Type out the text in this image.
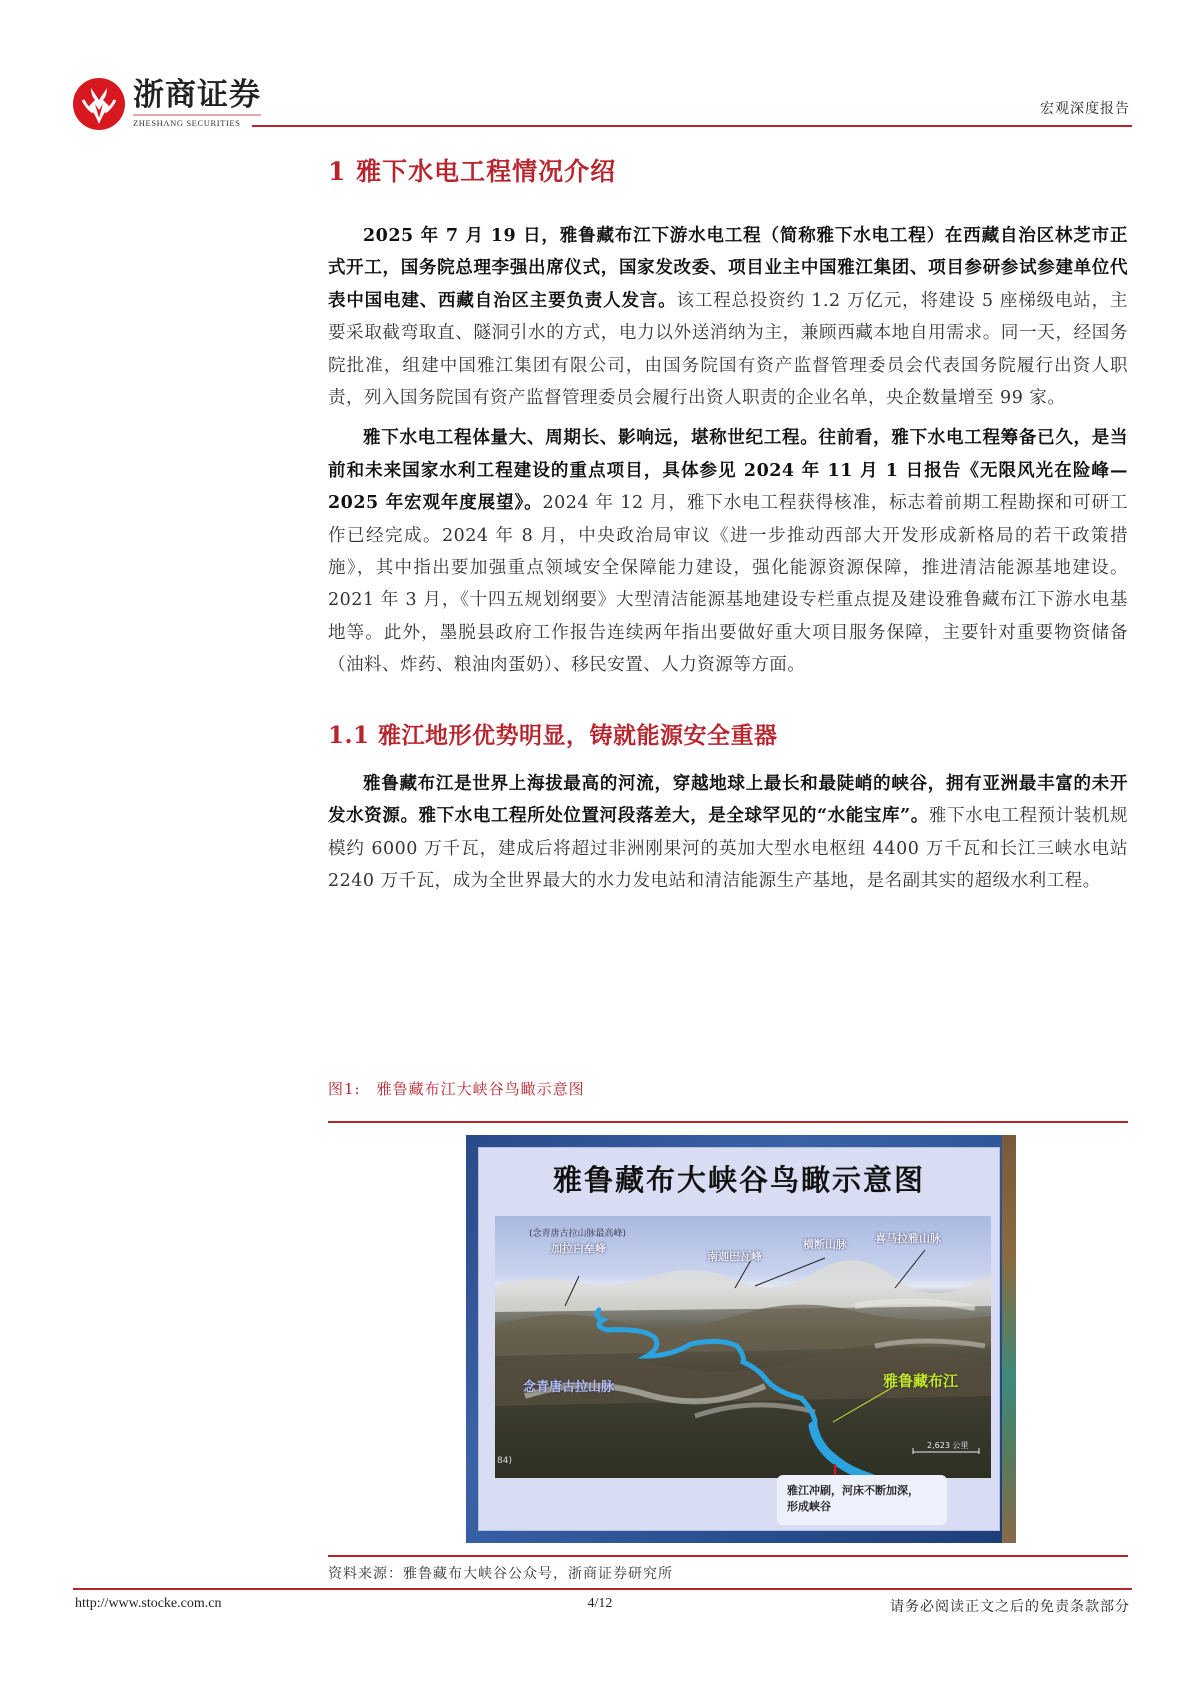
浙商证券
ZHESHANG SECURITIES
宏观深度报告
1 雅下水电工程情况介绍

2025 年 7 月 19 日，雅鲁藏布江下游水电工程（简称雅下水电工程）在西藏自治区林芝市正式开工，国务院总理李强出席仪式，国家发改委、项目业主中国雅江集团、项目参研参试参建单位代表中国电建、西藏自治区主要负责人发言。该工程总投资约 1.2 万亿元，将建设 5 座梯级电站，主要采取截弯取直、隧洞引水的方式，电力以外送消纳为主，兼顾西藏本地自用需求。同一天，经国务院批准，组建中国雅江集团有限公司，由国务院国有资产监督管理委员会代表国务院履行出资人职责，列入国务院国有资产监督管理委员会履行出资人职责的企业名单，央企数量增至 99 家。

雅下水电工程体量大、周期长、影响远，堪称世纪工程。往前看，雅下水电工程筹备已久，是当前和未来国家水利工程建设的重点项目，具体参见 2024 年 11 月 1 日报告《无限风光在险峰—2025 年宏观年度展望》。2024 年 12 月，雅下水电工程获得核准，标志着前期工程勘探和可研工作已经完成。2024 年 8 月，中央政治局审议《进一步推动西部大开发形成新格局的若干政策措施》，其中指出要加强重点领域安全保障能力建设，强化能源资源保障，推进清洁能源基地建设。2021 年 3 月，《十四五规划纲要》大型清洁能源基地建设专栏重点提及建设雅鲁藏布江下游水电基地等。此外，墨脱县政府工作报告连续两年指出要做好重大项目服务保障，主要针对重要物资储备（油料、炸药、粮油肉蛋奶）、移民安置、人力资源等方面。

1.1 雅江地形优势明显，铸就能源安全重器

雅鲁藏布江是世界上海拔最高的河流，穿越地球上最长和最陡峭的峡谷，拥有亚洲最丰富的未开发水资源。雅下水电工程所处位置河段落差大，是全球罕见的“水能宝库”。雅下水电工程预计装机规模约 6000 万千瓦，建成后将超过非洲刚果河的英加大型水电枢纽 4400 万千瓦和长江三峡水电站 2240 万千瓦，成为全世界最大的水力发电站和清洁能源生产基地，是名副其实的超级水利工程。

图1: 雅鲁藏布江大峡谷鸟瞰示意图
雅鲁藏布大峡谷鸟瞰示意图
(念青唐古拉山脉最高峰)
加拉白垒峰
南迦巴瓦峰
横断山脉	喜马拉雅山脉
念青唐古拉山脉	雅鲁藏布江
2,623 公里
84)
雅江冲刷，河床不断加深，
形成峡谷
资料来源：雅鲁藏布大峡谷公众号，浙商证券研究所
http://www.stocke.com.cn	4/12	请务必阅读正文之后的免责条款部分
